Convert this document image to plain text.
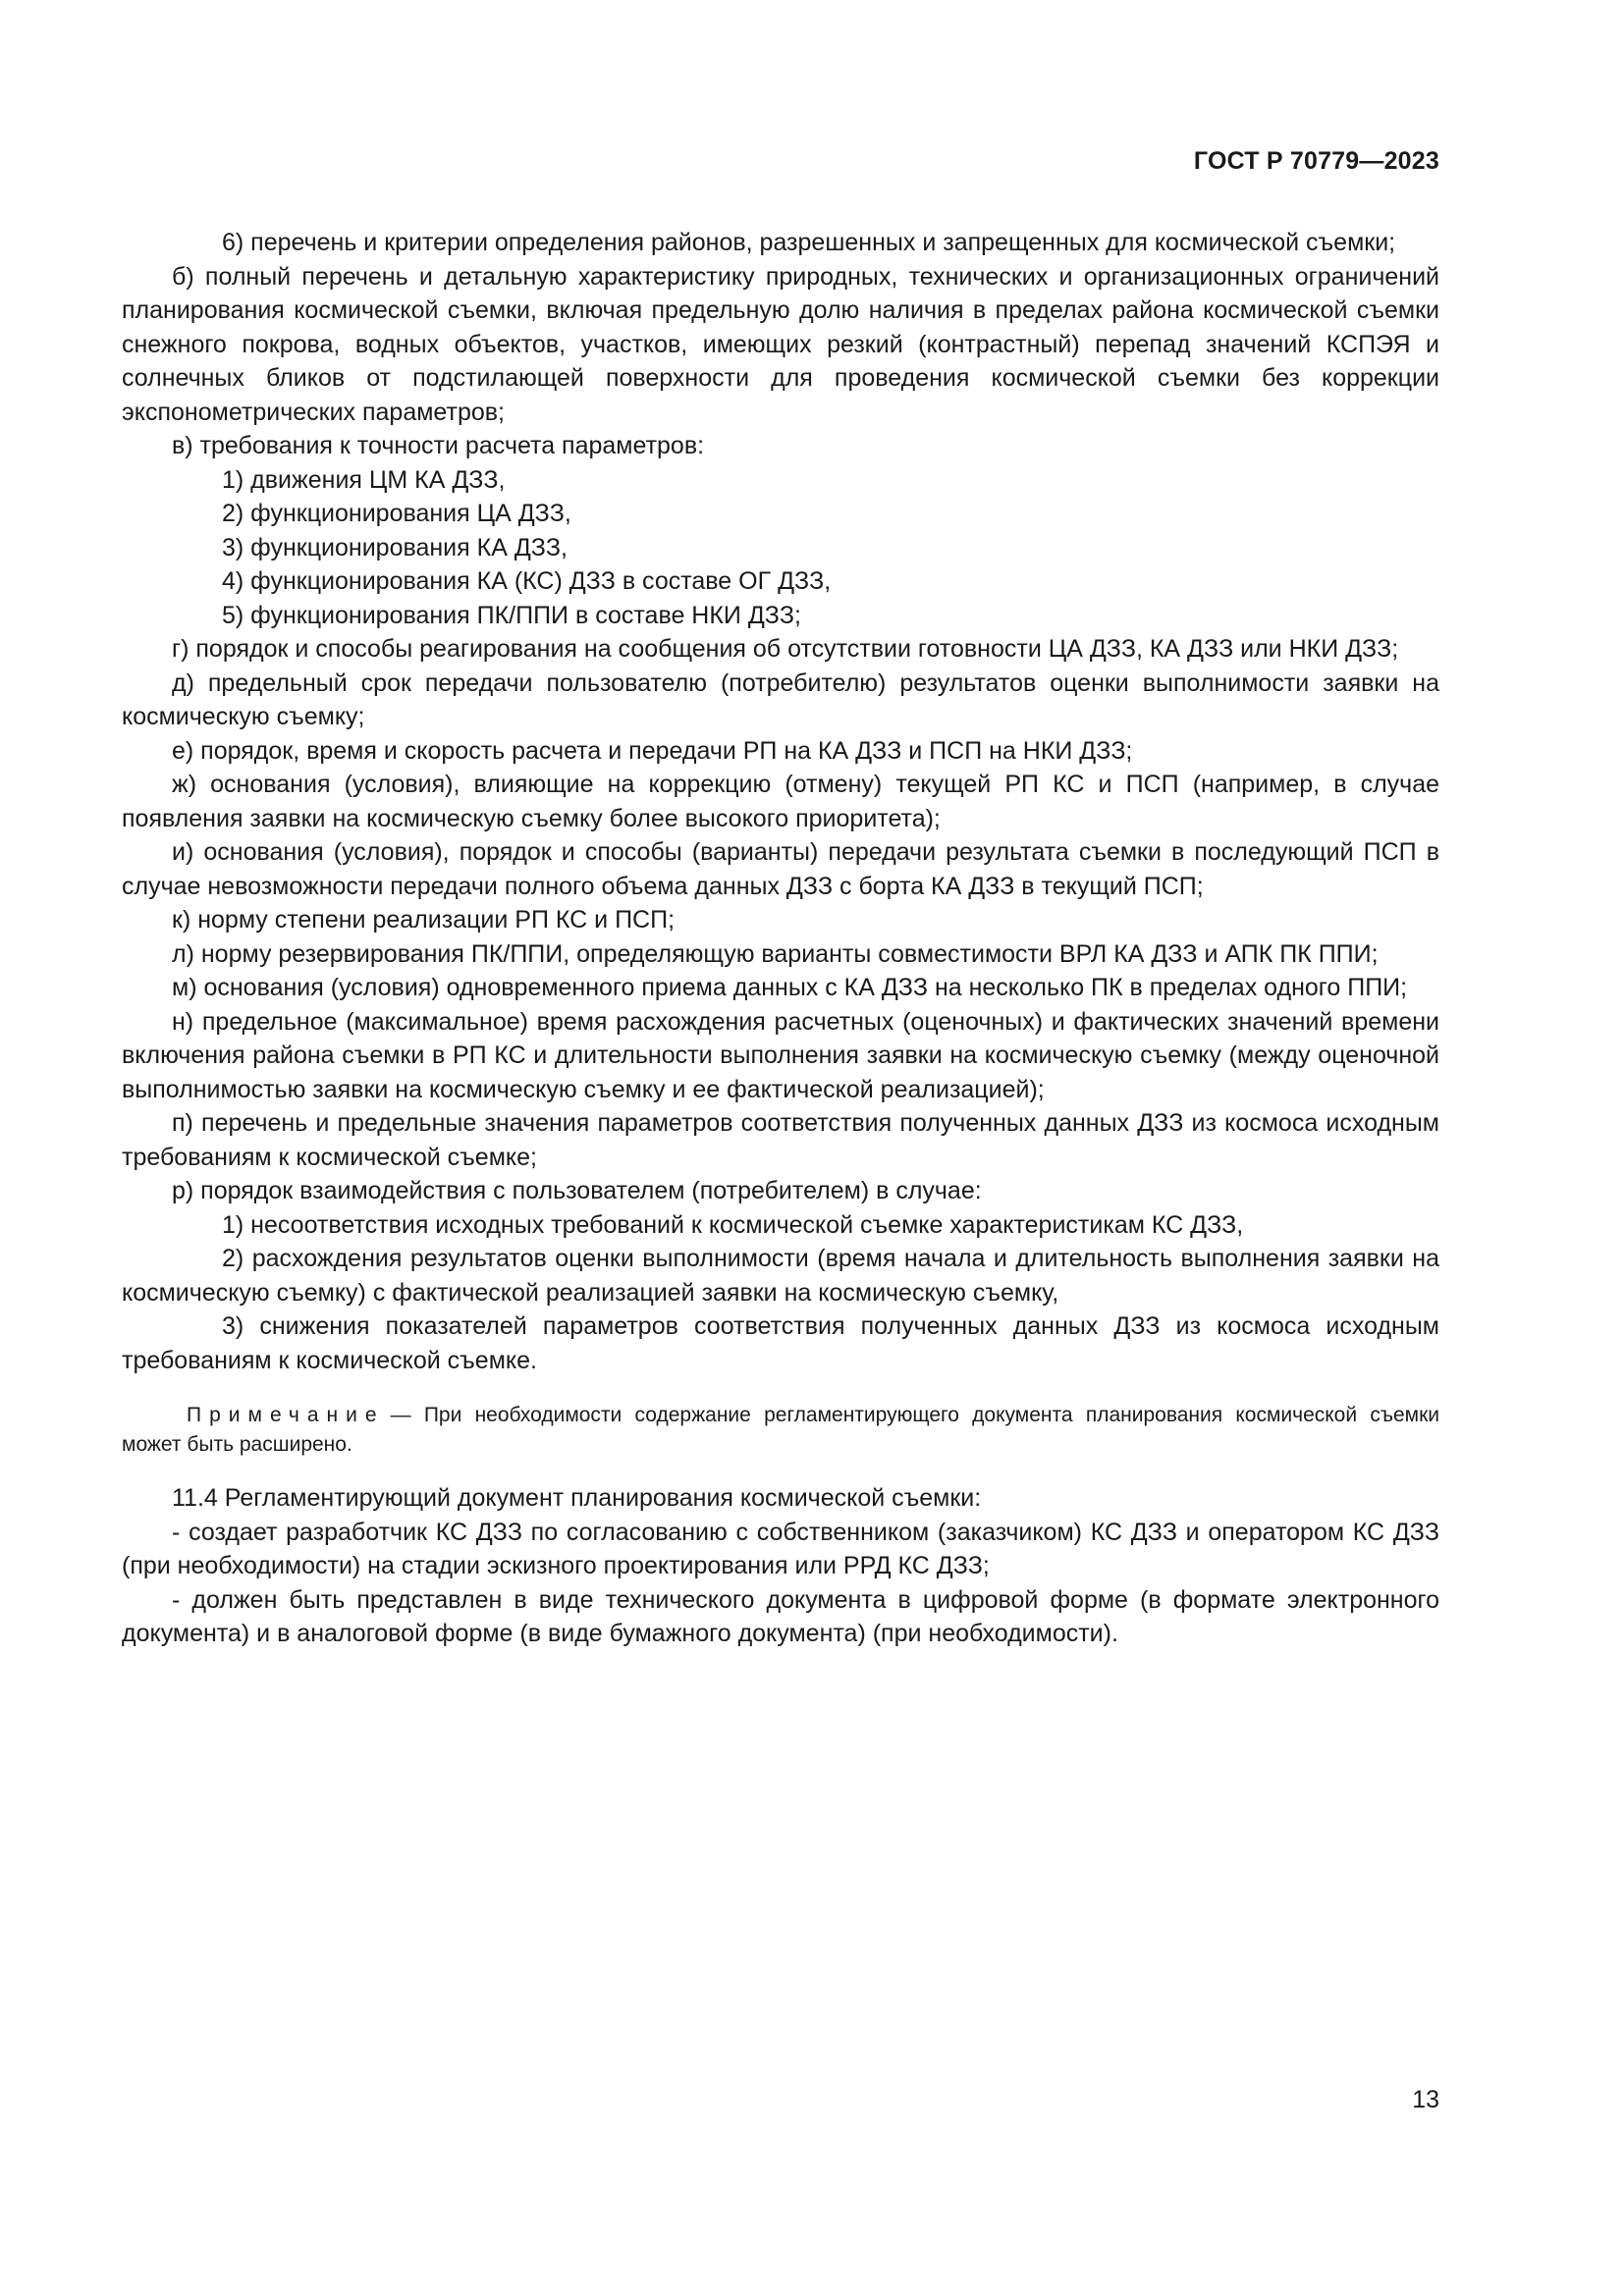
ГОСТ Р 70779—2023

6) перечень и критерии определения районов, разрешенных и запрещенных для космической съемки;

б) полный перечень и детальную характеристику природных, технических и организационных ограничений планирования космической съемки, включая предельную долю наличия в пределах района космической съемки снежного покрова, водных объектов, участков, имеющих резкий (контрастный) перепад значений КСПЭЯ и солнечных бликов от подстилающей поверхности для проведения космической съемки без коррекции экспонометрических параметров;

в) требования к точности расчета параметров:

1) движения ЦМ КА ДЗЗ,

2) функционирования ЦА ДЗЗ,

3) функционирования КА ДЗЗ,

4) функционирования КА (КС) ДЗЗ в составе ОГ ДЗЗ,

5) функционирования ПК/ППИ в составе НКИ ДЗЗ;

г) порядок и способы реагирования на сообщения об отсутствии готовности ЦА ДЗЗ, КА ДЗЗ или НКИ ДЗЗ;

д) предельный срок передачи пользователю (потребителю) результатов оценки выполнимости заявки на космическую съемку;

е) порядок, время и скорость расчета и передачи РП на КА ДЗЗ и ПСП на НКИ ДЗЗ;

ж) основания (условия), влияющие на коррекцию (отмену) текущей РП КС и ПСП (например, в случае появления заявки на космическую съемку более высокого приоритета);

и) основания (условия), порядок и способы (варианты) передачи результата съемки в последующий ПСП в случае невозможности передачи полного объема данных ДЗЗ с борта КА ДЗЗ в текущий ПСП;

к) норму степени реализации РП КС и ПСП;

л) норму резервирования ПК/ППИ, определяющую варианты совместимости ВРЛ КА ДЗЗ и АПК ПК ППИ;

м) основания (условия) одновременного приема данных с КА ДЗЗ на несколько ПК в пределах одного ППИ;

н) предельное (максимальное) время расхождения расчетных (оценочных) и фактических значений времени включения района съемки в РП КС и длительности выполнения заявки на космическую съемку (между оценочной выполнимостью заявки на космическую съемку и ее фактической реализацией);

п) перечень и предельные значения параметров соответствия полученных данных ДЗЗ из космоса исходным требованиям к космической съемке;

р) порядок взаимодействия с пользователем (потребителем) в случае:

1) несоответствия исходных требований к космической съемке характеристикам КС ДЗЗ,

2) расхождения результатов оценки выполнимости (время начала и длительность выполнения заявки на космическую съемку) с фактической реализацией заявки на космическую съемку,

3) снижения показателей параметров соответствия полученных данных ДЗЗ из космоса исходным требованиям к космической съемке.

Примечание — При необходимости содержание регламентирующего документа планирования космической съемки может быть расширено.

11.4 Регламентирующий документ планирования космической съемки:

- создает разработчик КС ДЗЗ по согласованию с собственником (заказчиком) КС ДЗЗ и оператором КС ДЗЗ (при необходимости) на стадии эскизного проектирования или РРД КС ДЗЗ;

- должен быть представлен в виде технического документа в цифровой форме (в формате электронного документа) и в аналоговой форме (в виде бумажного документа) (при необходимости).

13
